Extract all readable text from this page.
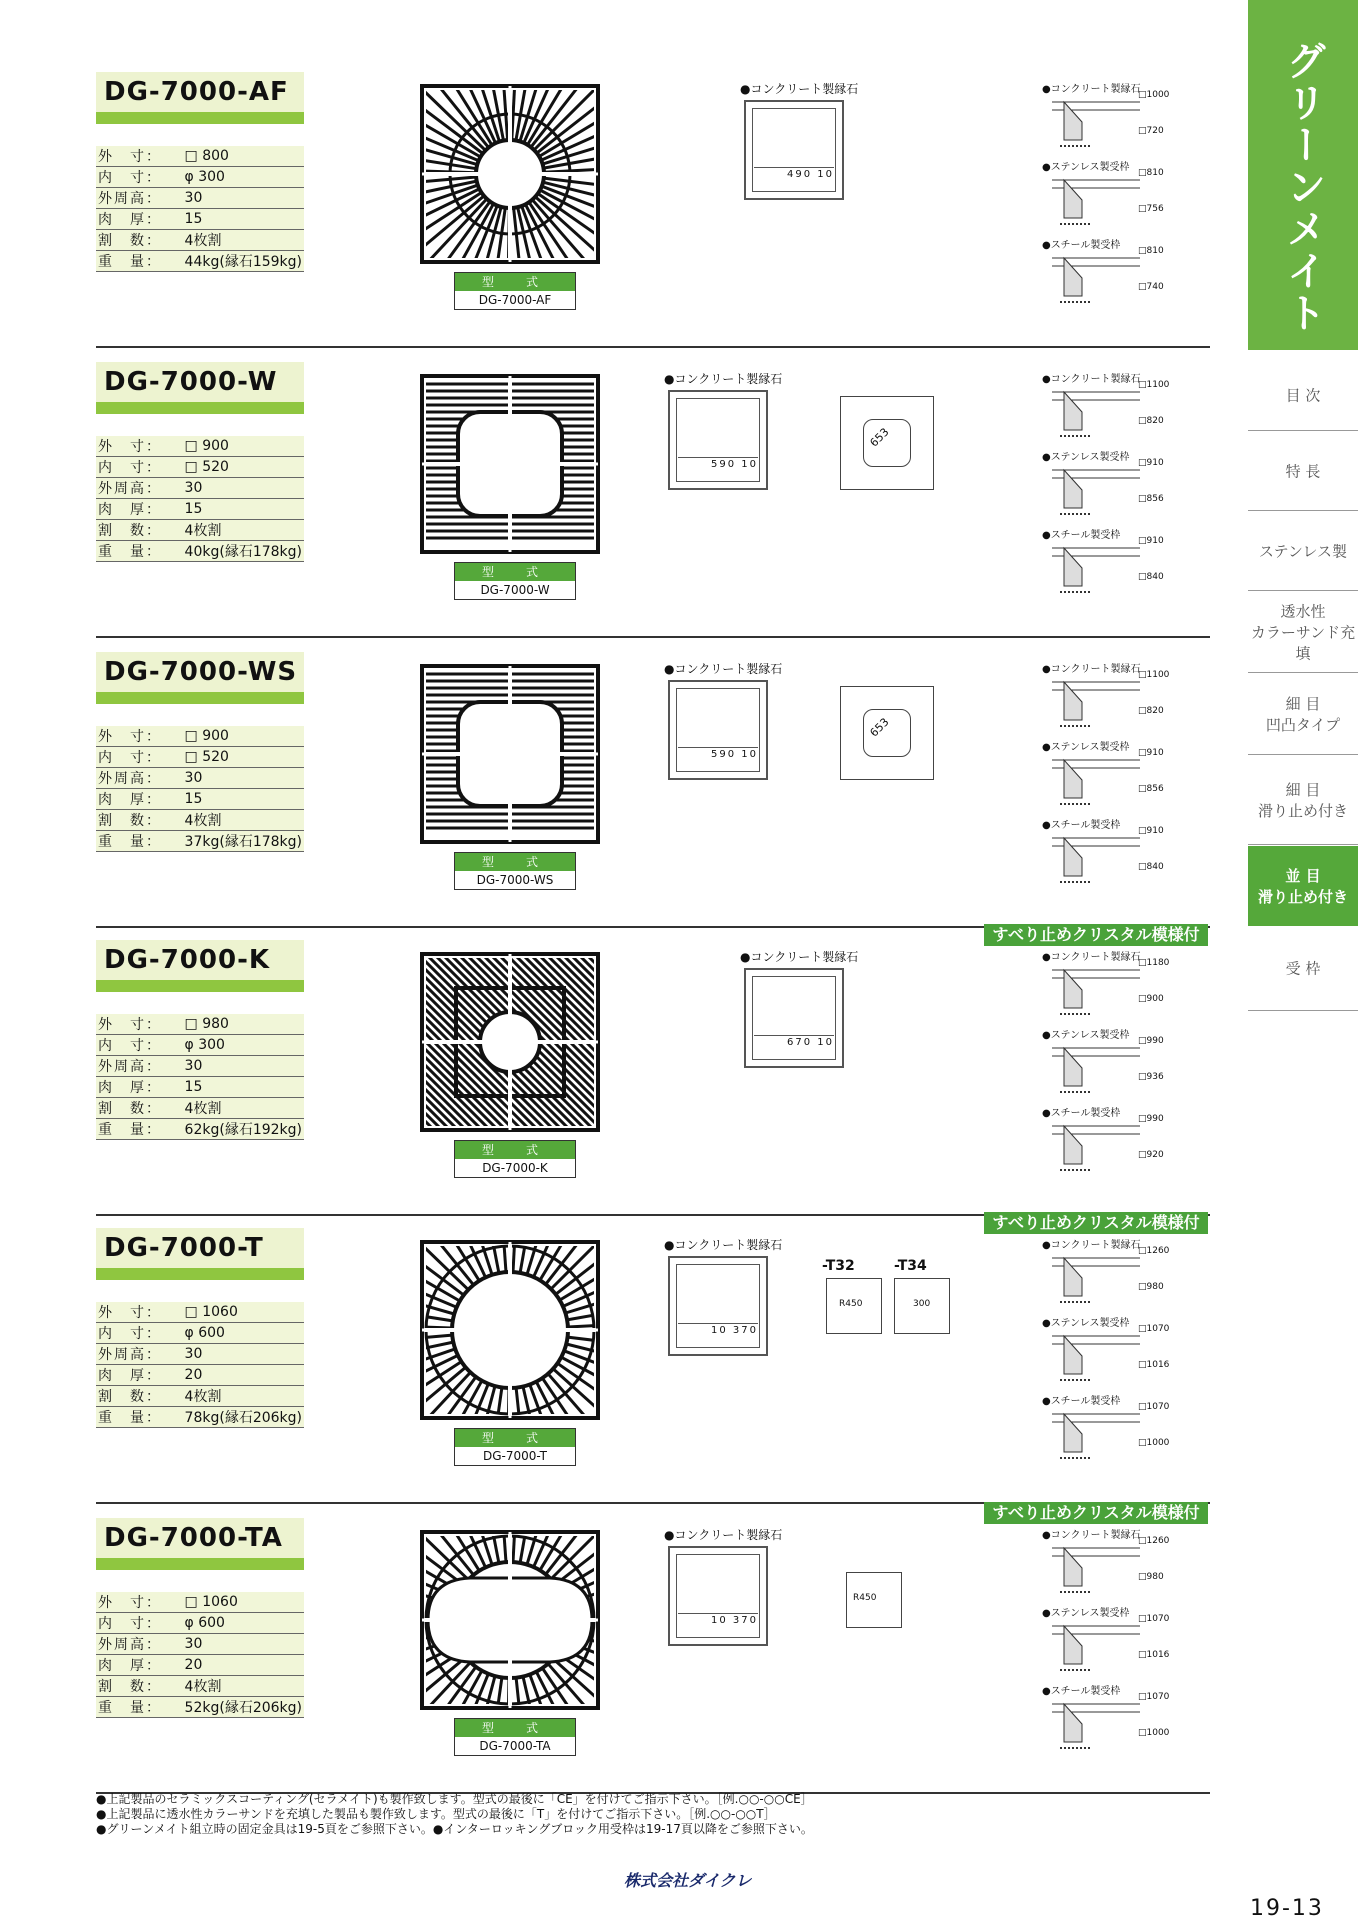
グリーンメイト
目 次
特 長
ステンレス製
透水性
カラーサンド充填
細 目
凹凸タイプ
細 目
滑り止め付き
並 目
滑り止め付き
受 枠
DG-7000-AF
外　寸：	□ 800
内　寸：	φ 300
外周高：	30
肉　厚：	15
割　数：	4枚割
重　量：	44kg(縁石159kg)
型　式
DG-7000-AF
●コンクリート製縁石
490 10
●コンクリート製縁石
□1000
□720
●ステンレス製受枠 □810
□756
●スチール製受枠 □810
□740
DG-7000-W
外　寸：	□ 900
内　寸：	□ 520
外周高：	30
肉　厚：	15
割　数：	4枚割
重　量：	40kg(縁石178kg)
型　式
DG-7000-W
●コンクリート製縁石
590 10
653
●コンクリート製縁石
□1100
□820
●ステンレス製受枠 □910
□856
●スチール製受枠 □910
□840
DG-7000-WS
外　寸：	□ 900
内　寸：	□ 520
外周高：	30
肉　厚：	15
割　数：	4枚割
重　量：	37kg(縁石178kg)
型　式
DG-7000-WS
●コンクリート製縁石
590 10
653
●コンクリート製縁石
□1100
□820
●ステンレス製受枠 □910
□856
●スチール製受枠 □910
□840
DG-7000-K
外　寸：	□ 980
内　寸：	φ 300
外周高：	30
肉　厚：	15
割　数：	4枚割
重　量：	62kg(縁石192kg)
型　式
DG-7000-K
●コンクリート製縁石
670 10
すべり止めクリスタル模様付
●コンクリート製縁石
□1180
□900
●ステンレス製受枠 □990
□936
●スチール製受枠 □990
□920
DG-7000-T
外　寸：	□ 1060
内　寸：	φ 600
外周高：	30
肉　厚：	20
割　数：	4枚割
重　量：	78kg(縁石206kg)
型　式
DG-7000-T
●コンクリート製縁石
10 370
-T32	-T34
R450	300
すべり止めクリスタル模様付
●コンクリート製縁石
□1260
□980
●ステンレス製受枠 □1070
□1016
●スチール製受枠 □1070
□1000
DG-7000-TA
外　寸：	□ 1060
内　寸：	φ 600
外周高：	30
肉　厚：	20
割　数：	4枚割
重　量：	52kg(縁石206kg)
型　式
DG-7000-TA
●コンクリート製縁石
10 370
R450
すべり止めクリスタル模様付
●コンクリート製縁石
□1260
□980
●ステンレス製受枠 □1070
□1016
●スチール製受枠 □1070
□1000
●上記製品のセラミックスコーティング(セラメイト)も製作致します。型式の最後に「CE」を付けてご指示下さい。［例.○○-○○CE］
●上記製品に透水性カラーサンドを充填した製品も製作致します。型式の最後に「T」を付けてご指示下さい。［例.○○-○○T］
●グリーンメイト組立時の固定金具は19-5頁をご参照下さい。●インターロッキングブロック用受枠は19-17頁以降をご参照下さい。
株式会社ダイクレ
19-13
